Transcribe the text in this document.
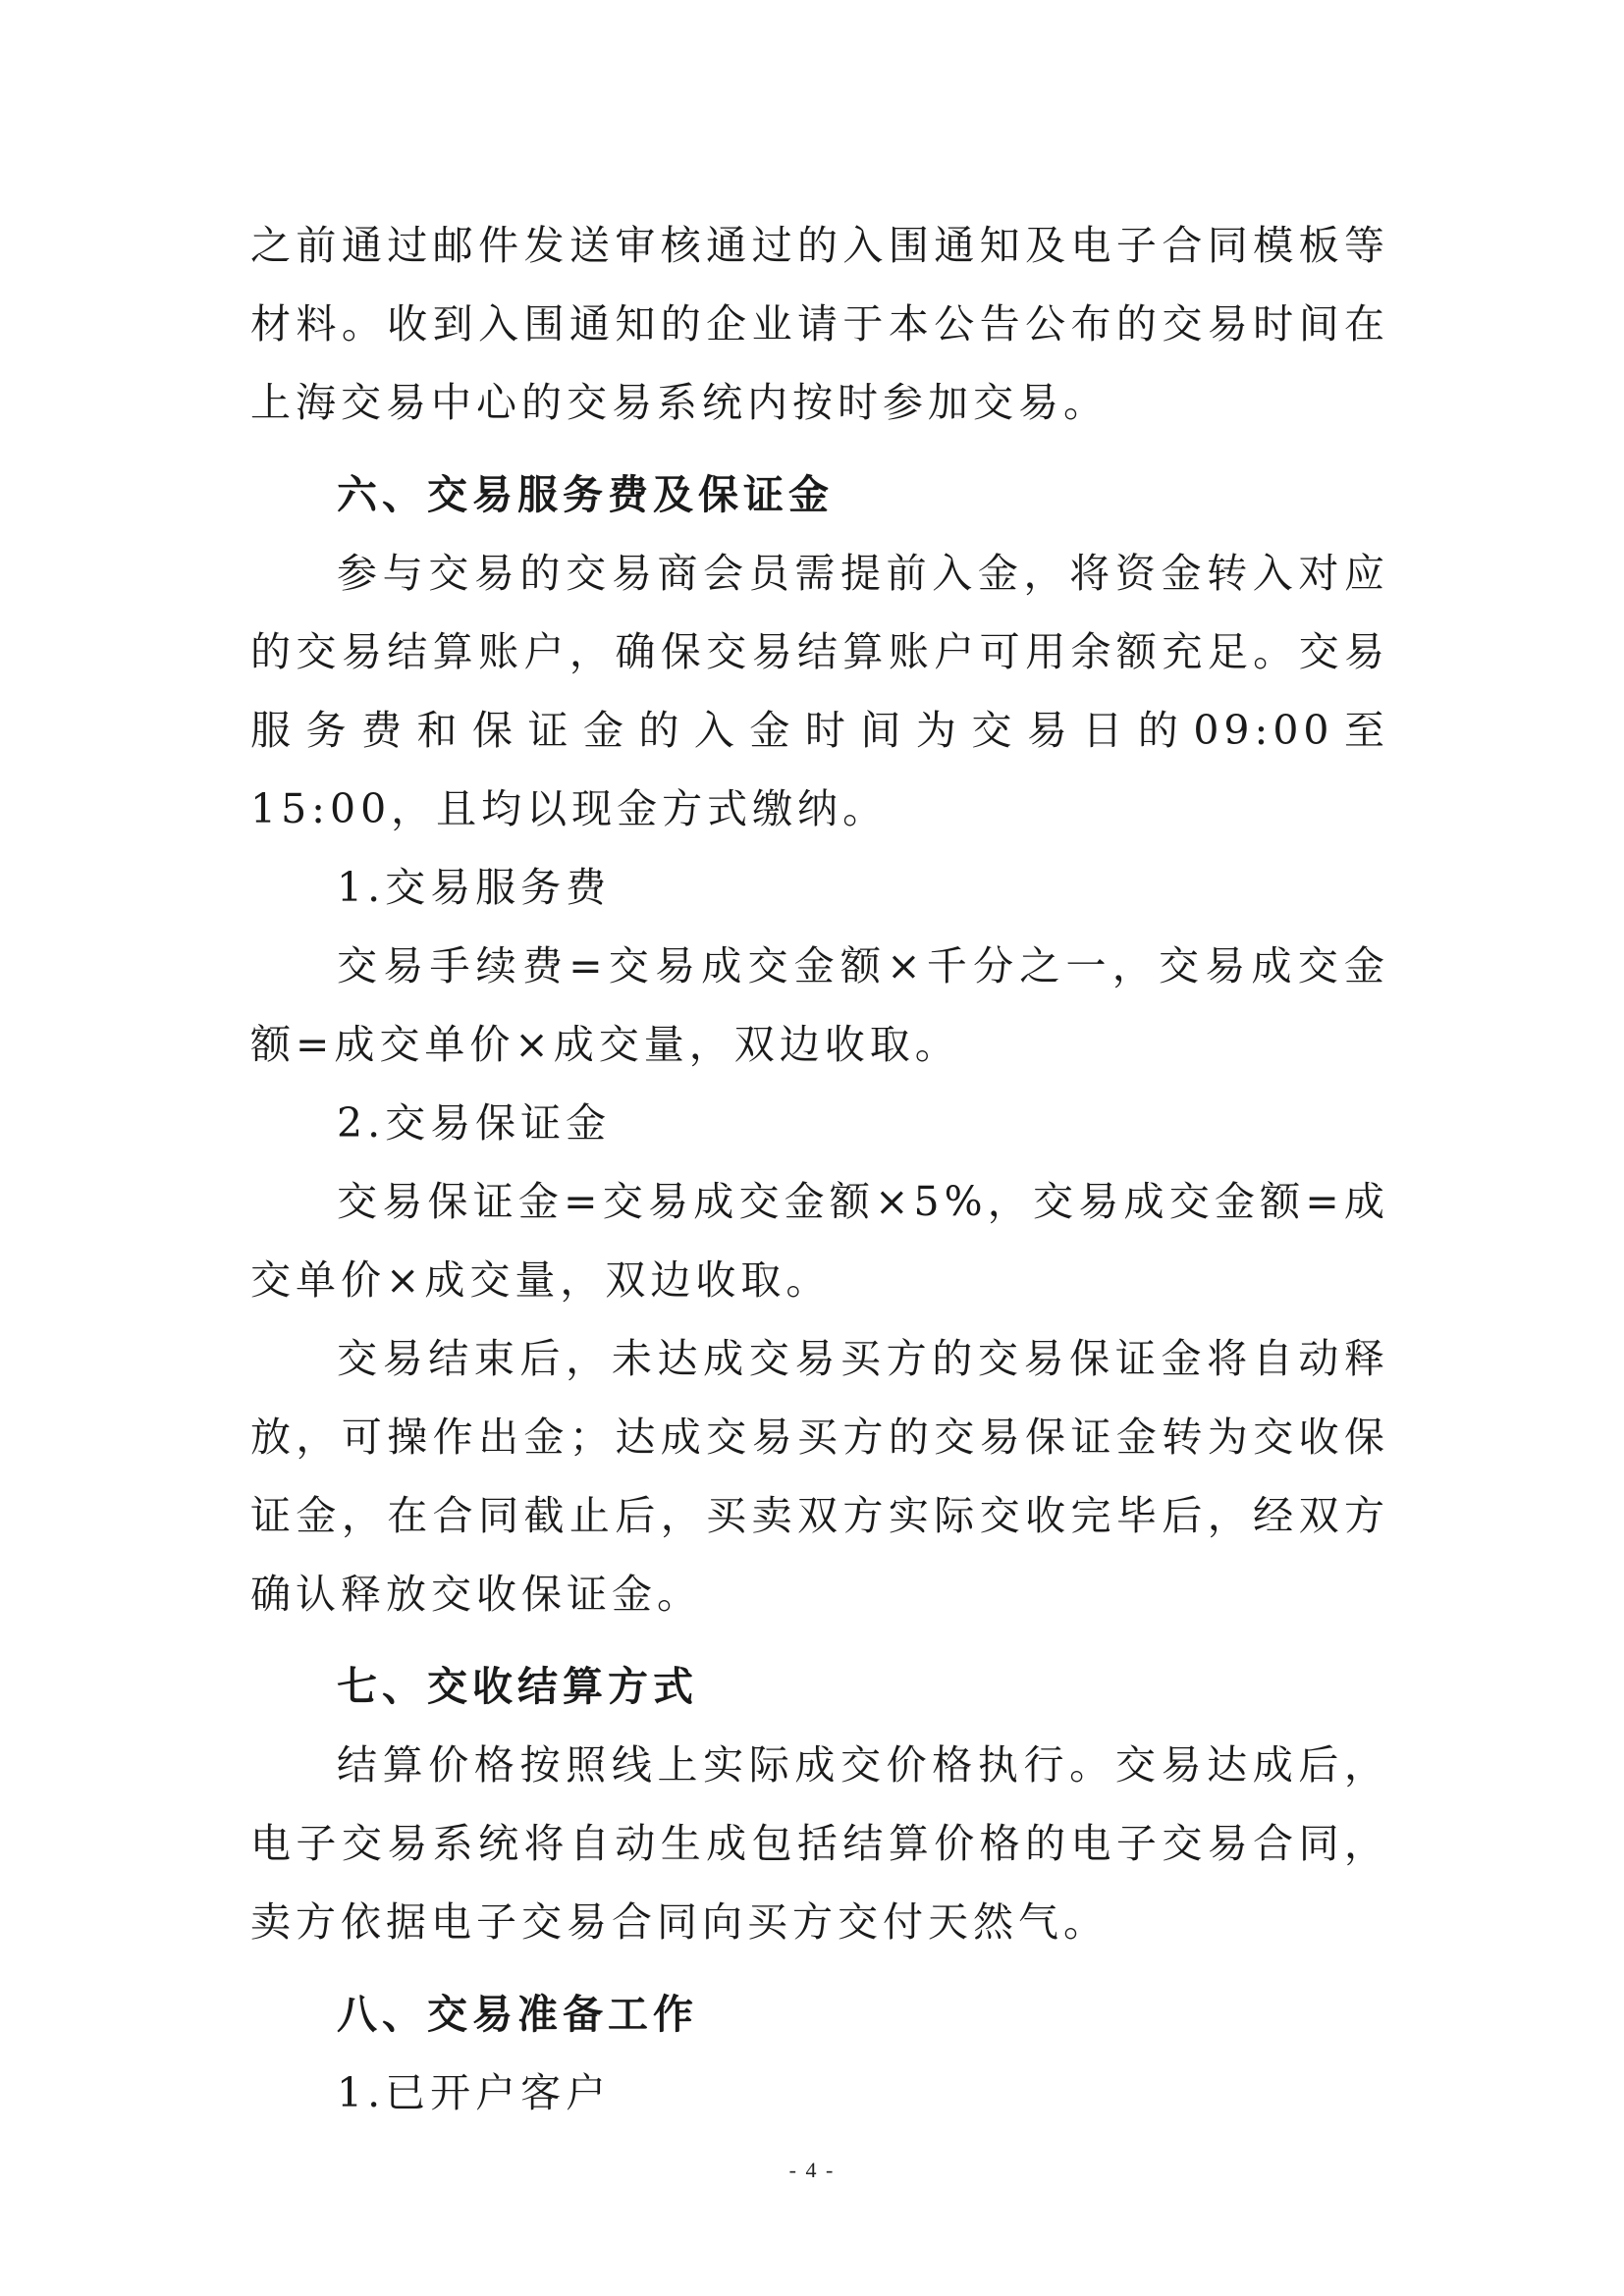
之前通过邮件发送审核通过的入围通知及电子合同模板等材料。收到入围通知的企业请于本公告公布的交易时间在上海交易中心的交易系统内按时参加交易。

六、交易服务费及保证金

参与交易的交易商会员需提前入金，将资金转入对应的交易结算账户，确保交易结算账户可用余额充足。交易服务费和保证金的入金时间为交易日的09:00至15:00，且均以现金方式缴纳。

1.交易服务费

交易手续费=交易成交金额×千分之一，交易成交金额=成交单价×成交量，双边收取。

2.交易保证金

交易保证金=交易成交金额×5%，交易成交金额=成交单价×成交量，双边收取。

交易结束后，未达成交易买方的交易保证金将自动释放，可操作出金；达成交易买方的交易保证金转为交收保证金，在合同截止后，买卖双方实际交收完毕后，经双方确认释放交收保证金。

七、交收结算方式

结算价格按照线上实际成交价格执行。交易达成后，电子交易系统将自动生成包括结算价格的电子交易合同，卖方依据电子交易合同向买方交付天然气。

八、交易准备工作

1.已开户客户

- 4 -
